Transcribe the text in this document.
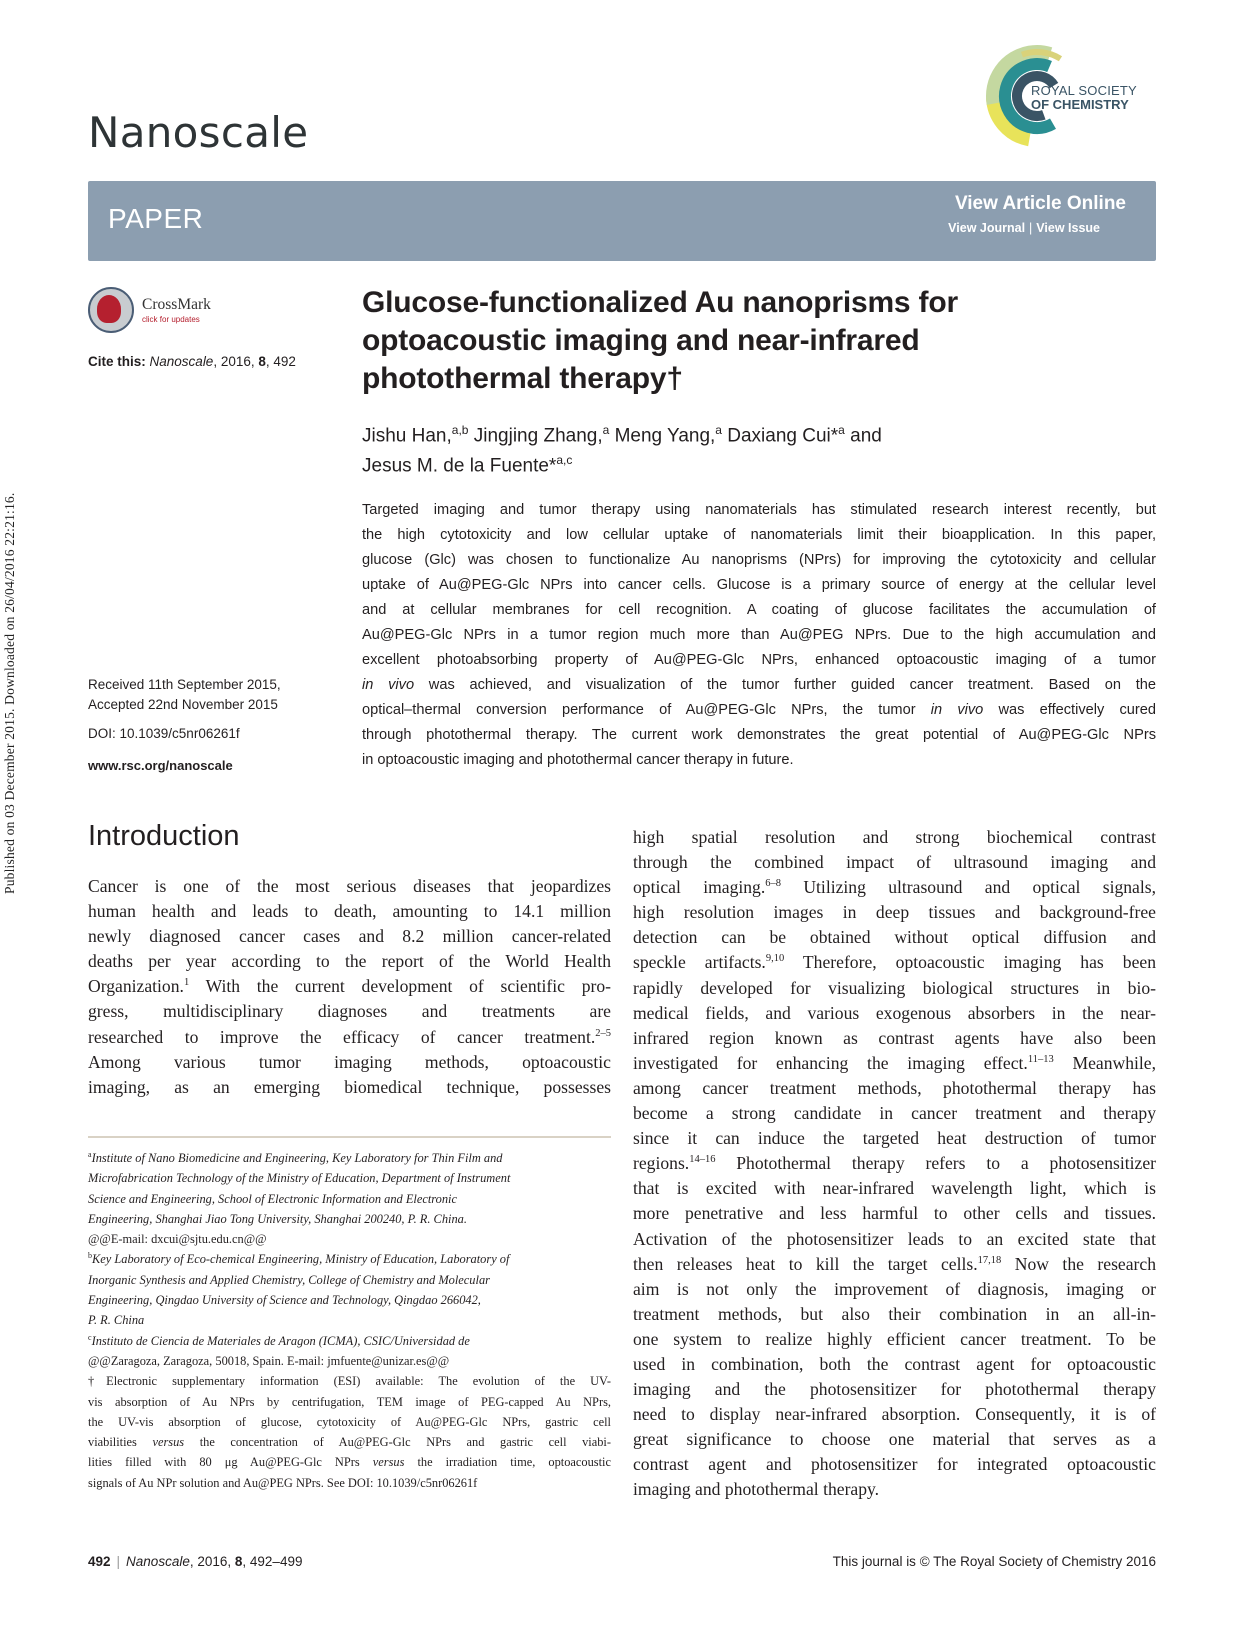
Published on 03 December 2015. Downloaded on 26/04/2016 22:21:16.
Nanoscale
ROYAL SOCIETY
OF CHEMISTRY
PAPER	View Article Online
View Journal | View Issue
CrossMark
click for updates
Cite this: Nanoscale, 2016, 8, 492
Glucose-functionalized Au nanoprisms for
optoacoustic imaging and near-infrared
photothermal therapy†
Jishu Han,$^{a,b}$ Jingjing Zhang,$^a$ Meng Yang,$^a$ Daxiang Cui*$^a$ and
Jesus M. de la Fuente*$^{a,c}$
Targeted imaging and tumor therapy using nanomaterials has stimulated research interest recently, but
the high cytotoxicity and low cellular uptake of nanomaterials limit their bioapplication. In this paper,
glucose (Glc) was chosen to functionalize Au nanoprisms (NPrs) for improving the cytotoxicity and cellular
uptake of Au@PEG-Glc NPrs into cancer cells. Glucose is a primary source of energy at the cellular level
and at cellular membranes for cell recognition. A coating of glucose facilitates the accumulation of
Au@PEG-Glc NPrs in a tumor region much more than Au@PEG NPrs. Due to the high accumulation and
excellent photoabsorbing property of Au@PEG-Glc NPrs, enhanced optoacoustic imaging of a tumor
in vivo was achieved, and visualization of the tumor further guided cancer treatment. Based on the
optical–thermal conversion performance of Au@PEG-Glc NPrs, the tumor in vivo was effectively cured
through photothermal therapy. The current work demonstrates the great potential of Au@PEG-Glc NPrs
in optoacoustic imaging and photothermal cancer therapy in future.
Received 11th September 2015,
Accepted 22nd November 2015
DOI: 10.1039/c5nr06261f
www.rsc.org/nanoscale
Introduction
Cancer is one of the most serious diseases that jeopardizes
human health and leads to death, amounting to 14.1 million
newly diagnosed cancer cases and 8.2 million cancer-related
deaths per year according to the report of the World Health
Organization.$^1$ With the current development of scientific pro-
gress, multidisciplinary diagnoses and treatments are
researched to improve the efficacy of cancer treatment.$^{2-5}$
Among various tumor imaging methods, optoacoustic
imaging, as an emerging biomedical technique, possesses
high spatial resolution and strong biochemical contrast
through the combined impact of ultrasound imaging and
optical imaging.$^{6-8}$ Utilizing ultrasound and optical signals,
high resolution images in deep tissues and background-free
detection can be obtained without optical diffusion and
speckle artifacts.$^{9,10}$ Therefore, optoacoustic imaging has been
rapidly developed for visualizing biological structures in bio-
medical fields, and various exogenous absorbers in the near-
infrared region known as contrast agents have also been
investigated for enhancing the imaging effect.$^{11-13}$ Meanwhile,
among cancer treatment methods, photothermal therapy has
become a strong candidate in cancer treatment and therapy
since it can induce the targeted heat destruction of tumor
regions.$^{14-16}$ Photothermal therapy refers to a photosensitizer
that is excited with near-infrared wavelength light, which is
more penetrative and less harmful to other cells and tissues.
Activation of the photosensitizer leads to an excited state that
then releases heat to kill the target cells.$^{17,18}$ Now the research
aim is not only the improvement of diagnosis, imaging or
treatment methods, but also their combination in an all-in-
one system to realize highly efficient cancer treatment. To be
used in combination, both the contrast agent for optoacoustic
imaging and the photosensitizer for photothermal therapy
need to display near-infrared absorption. Consequently, it is of
great significance to choose one material that serves as a
contrast agent and photosensitizer for integrated optoacoustic
imaging and photothermal therapy.
$^a$Institute of Nano Biomedicine and Engineering, Key Laboratory for Thin Film and
Microfabrication Technology of the Ministry of Education, Department of Instrument
Science and Engineering, School of Electronic Information and Electronic
Engineering, Shanghai Jiao Tong University, Shanghai 200240, P. R. China.
@@E-mail: dxcui@sjtu.edu.cn@@
$^b$Key Laboratory of Eco-chemical Engineering, Ministry of Education, Laboratory of
Inorganic Synthesis and Applied Chemistry, College of Chemistry and Molecular
Engineering, Qingdao University of Science and Technology, Qingdao 266042,
P. R. China
$^c$Instituto de Ciencia de Materiales de Aragon (ICMA), CSIC/Universidad de
@@Zaragoza, Zaragoza, 50018, Spain. E-mail: jmfuente@unizar.es@@
†Electronic supplementary information (ESI) available: The evolution of the UV-
vis absorption of Au NPrs by centrifugation, TEM image of PEG-capped Au NPrs,
the UV-vis absorption of glucose, cytotoxicity of Au@PEG-Glc NPrs, gastric cell
viabilities versus the concentration of Au@PEG-Glc NPrs and gastric cell viabi-
lities filled with 80 μg Au@PEG-Glc NPrs versus the irradiation time, optoacoustic
signals of Au NPr solution and Au@PEG NPrs. See DOI: 10.1039/c5nr06261f
492 | Nanoscale, 2016, 8, 492–499	This journal is © The Royal Society of Chemistry 2016
